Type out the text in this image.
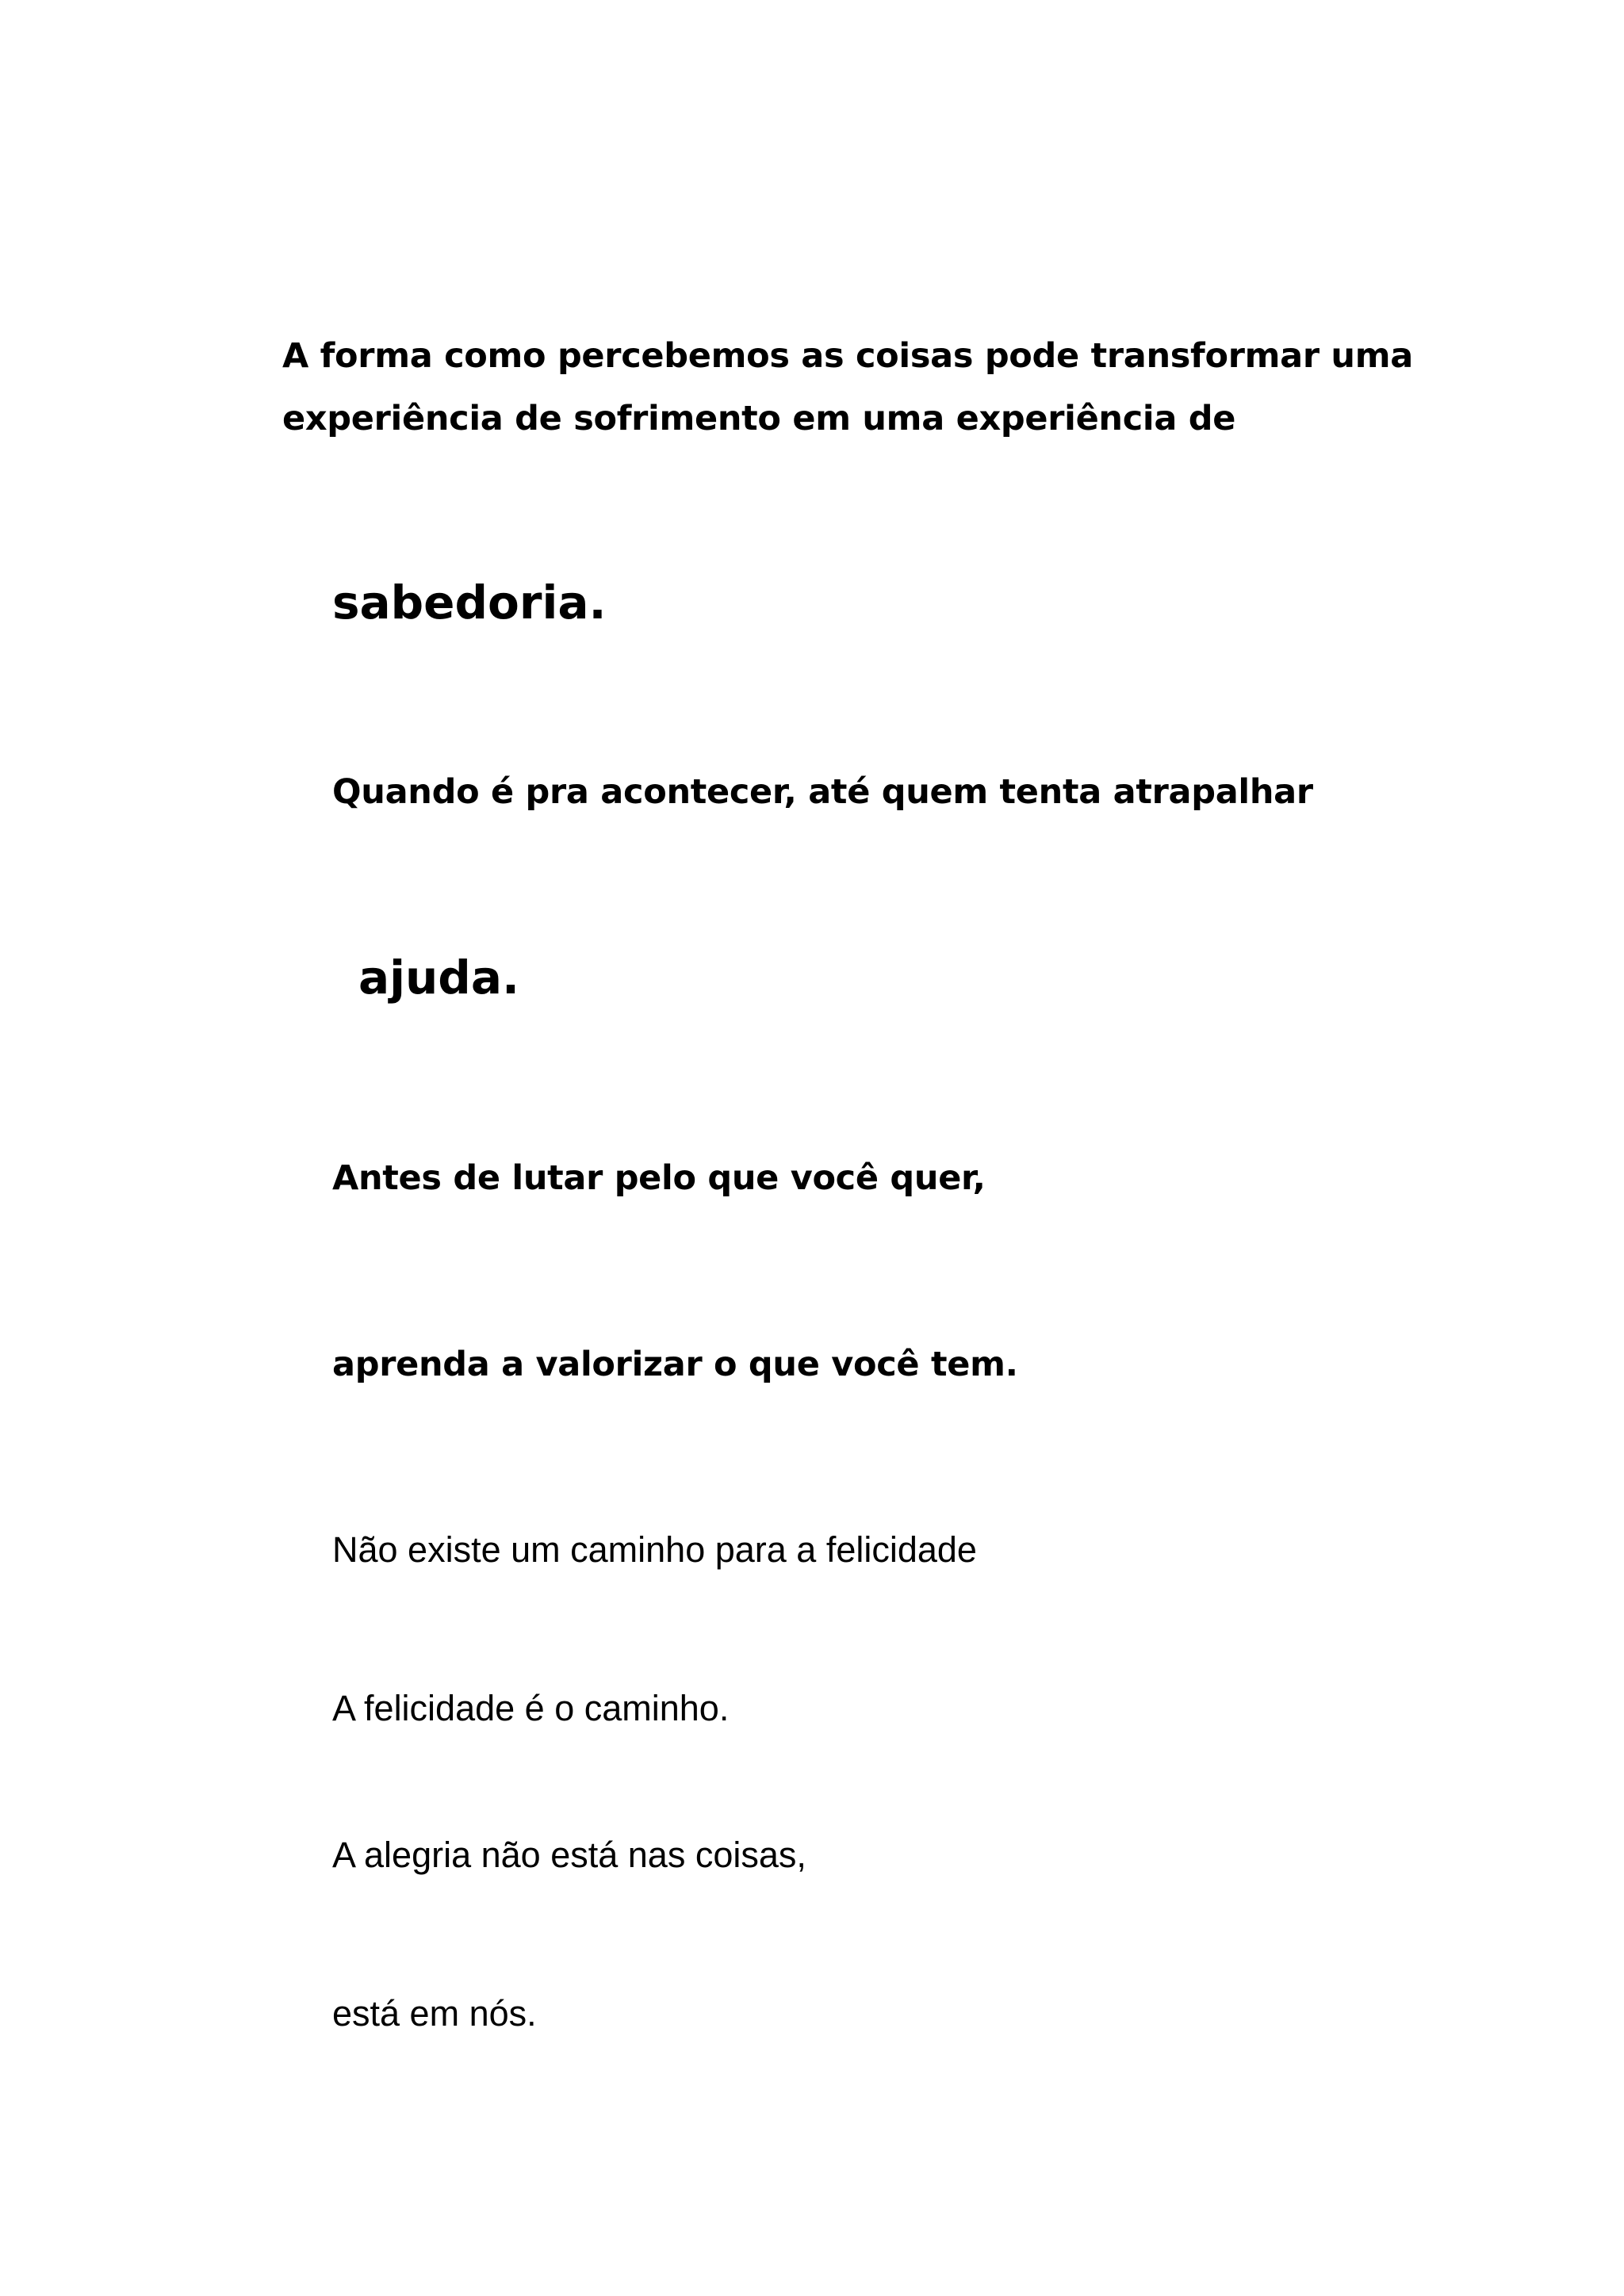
A forma como percebemos as coisas pode transformar uma

experiência de sofrimento em uma experiência de

sabedoria.

Quando é pra acontecer, até quem tenta atrapalhar

ajuda.

Antes de lutar pelo que você quer,

aprenda a valorizar o que você tem.

Não existe um caminho para a felicidade

A felicidade é o caminho.

A alegria não está nas coisas,

está em nós.
